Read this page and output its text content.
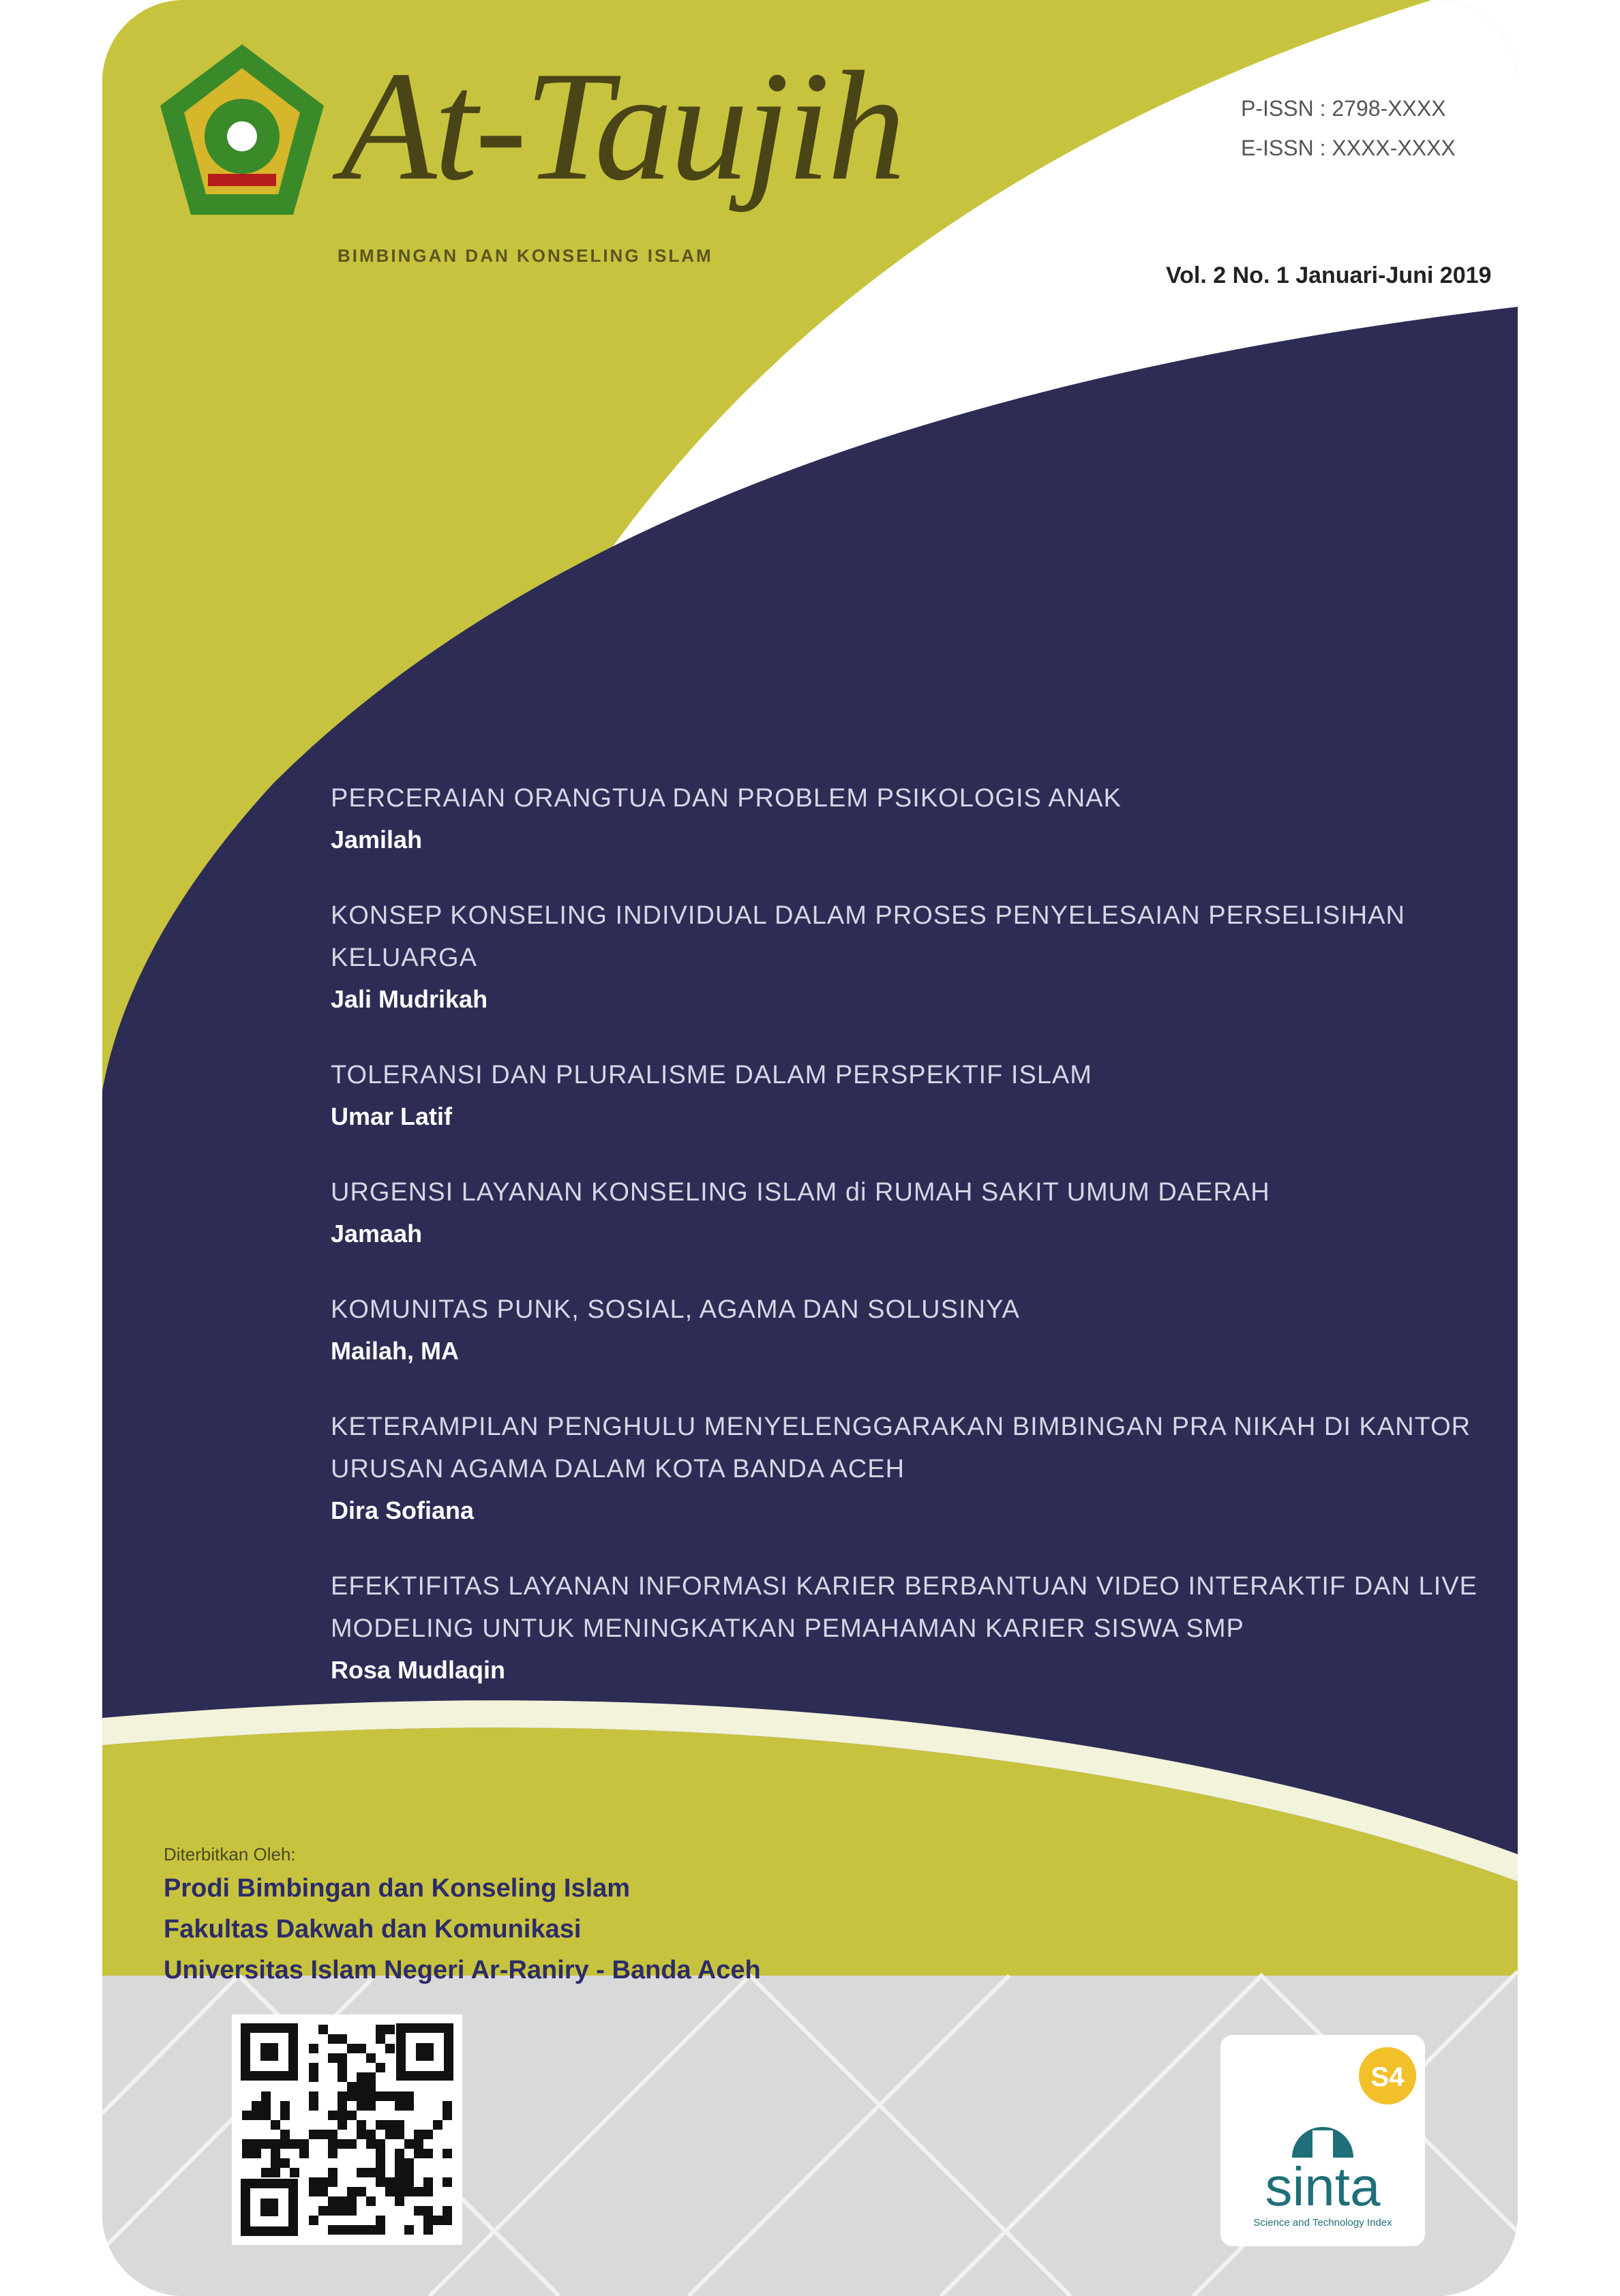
At-Taujih
BIMBINGAN DAN KONSELING ISLAM
P-ISSN : 2798-XXXX
E-ISSN : XXXX-XXXX
Vol. 2 No. 1 Januari-Juni 2019
PERCERAIAN ORANGTUA DAN PROBLEM PSIKOLOGIS ANAK
Jamilah
KONSEP KONSELING INDIVIDUAL DALAM PROSES PENYELESAIAN PERSELISIHAN KELUARGA
Jali Mudrikah
TOLERANSI DAN PLURALISME DALAM PERSPEKTIF ISLAM
Umar Latif
URGENSI LAYANAN KONSELING ISLAM di RUMAH SAKIT UMUM DAERAH
Jamaah
KOMUNITAS PUNK, SOSIAL, AGAMA DAN SOLUSINYA
Mailah, MA
KETERAMPILAN PENGHULU MENYELENGGARAKAN BIMBINGAN PRA NIKAH DI KANTOR URUSAN AGAMA DALAM KOTA BANDA ACEH
Dira Sofiana
EFEKTIFITAS LAYANAN INFORMASI KARIER BERBANTUAN VIDEO INTERAKTIF DAN LIVE MODELING UNTUK MENINGKATKAN PEMAHAMAN KARIER SISWA SMP
Rosa Mudlaqin
Diterbitkan Oleh:
Prodi Bimbingan dan Konseling Islam
Fakultas Dakwah dan Komunikasi
Universitas Islam Negeri Ar-Raniry - Banda Aceh
S4
sinta
Science and Technology Index
